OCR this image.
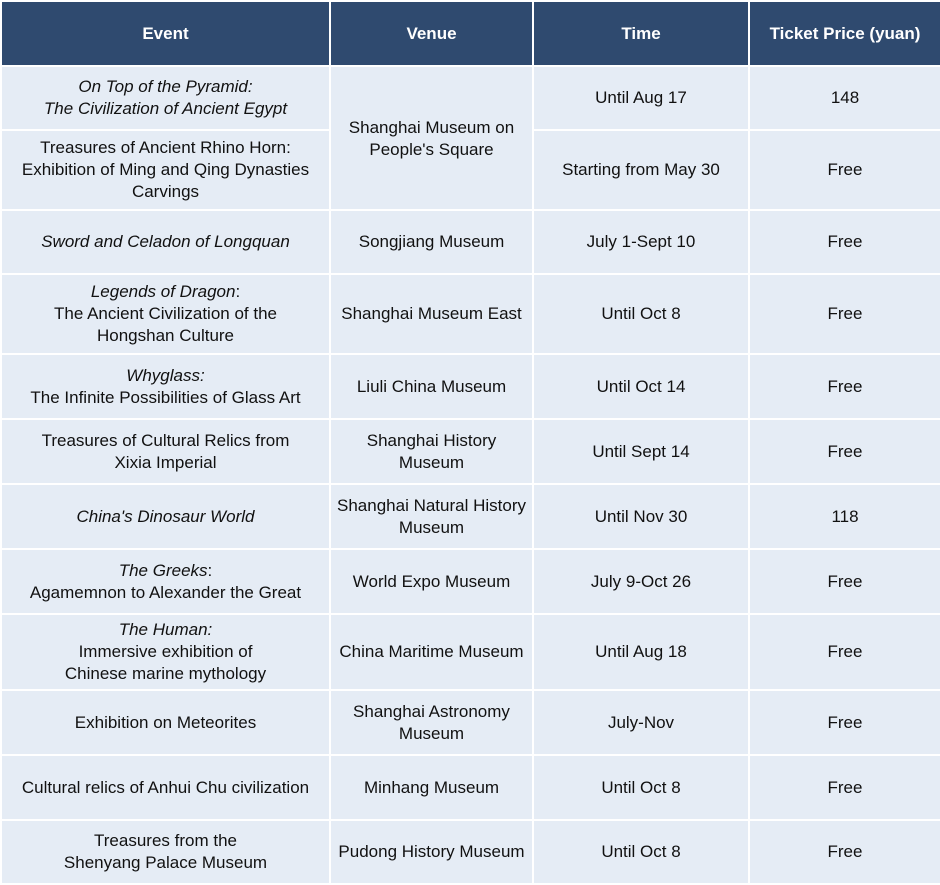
Event	Venue	Time	Ticket Price (yuan)

On Top of the Pyramid:
The Civilization of Ancient Egypt	Shanghai Museum on People's Square	Until Aug 17	148

Treasures of Ancient Rhino Horn:
Exhibition of Ming and Qing Dynasties
Carvings		Starting from May 30	Free
Sword and Celadon of Longquan	Songjiang Museum	July 1-Sept 10	Free

Legends of Dragon:
The Ancient Civilization of the
Hongshan Culture	Shanghai Museum East	Until Oct 8	Free

Whyglass:
The Infinite Possibilities of Glass Art	Liuli China Museum	Until Oct 14	Free

Treasures of Cultural Relics from
Xixia Imperial	Shanghai History Museum	Until Sept 14	Free
China's Dinosaur World	Shanghai Natural History Museum	Until Nov 30	118

The Greeks:
Agamemnon to Alexander the Great	World Expo Museum	July 9-Oct 26	Free

The Human:
Immersive exhibition of
Chinese marine mythology	China Maritime Museum	Until Aug 18	Free
Exhibition on Meteorites	Shanghai Astronomy Museum	July-Nov	Free
Cultural relics of Anhui Chu civilization	Minhang Museum	Until Oct 8	Free

Treasures from the
Shenyang Palace Museum	Pudong History Museum	Until Oct 8	Free
